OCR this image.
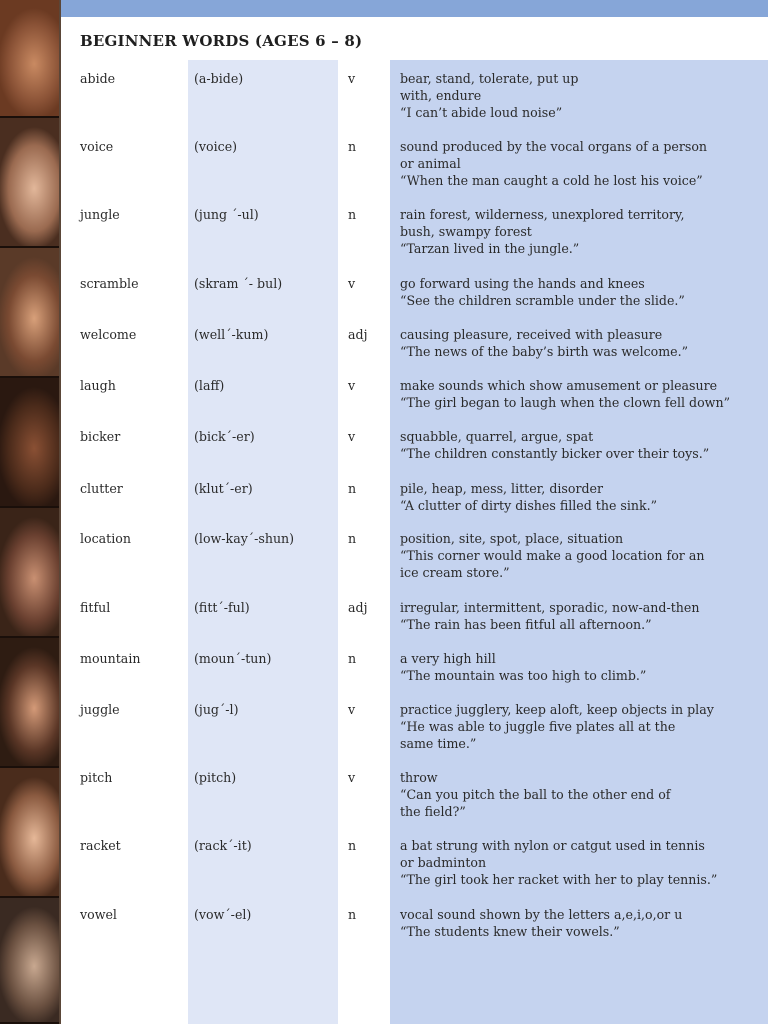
BEGINNER WORDS (AGES 6 – 8)
abide	(a-bide)	v	bear, stand, tolerate, put up
with, endure
“I can’t abide loud noise”
voice	(voice)	n	sound produced by the vocal organs of a person
or animal
“When the man caught a cold he lost his voice”
jungle	(jung ´-ul)	n	rain forest, wilderness, unexplored territory,
bush, swampy forest
“Tarzan lived in the jungle.”
scramble	(skram ´- bul)	v	go forward using the hands and knees
“See the children scramble under the slide.”
welcome	(well´-kum)	adj	causing pleasure, received with pleasure
“The news of the baby’s birth was welcome.”
laugh	(laff)	v	make sounds which show amusement or pleasure
“The girl began to laugh when the clown fell down”
bicker	(bick´-er)	v	squabble, quarrel, argue, spat
“The children constantly bicker over their toys.”
clutter	(klut´-er)	n	pile, heap, mess, litter, disorder
“A clutter of dirty dishes filled the sink.”
location	(low-kay´-shun)	n	position, site, spot, place, situation
“This corner would make a good location for an
ice cream store.”
fitful	(fitt´-ful)	adj	irregular, intermittent, sporadic, now-and-then
“The rain has been fitful all afternoon.”
mountain	(moun´-tun)	n	a very high hill
“The mountain was too high to climb.”
juggle	(jug´-l)	v	practice jugglery, keep aloft, keep objects in play
“He was able to juggle five plates all at the
same time.”
pitch	(pitch)	v	throw
“Can you pitch the ball to the other end of
the field?”
racket	(rack´-it)	n	a bat strung with nylon or catgut used in tennis
or badminton
“The girl took her racket with her to play tennis.”
vowel	(vow´-el)	n	vocal sound shown by the letters a,e,i,o,or u
“The students knew their vowels.”
